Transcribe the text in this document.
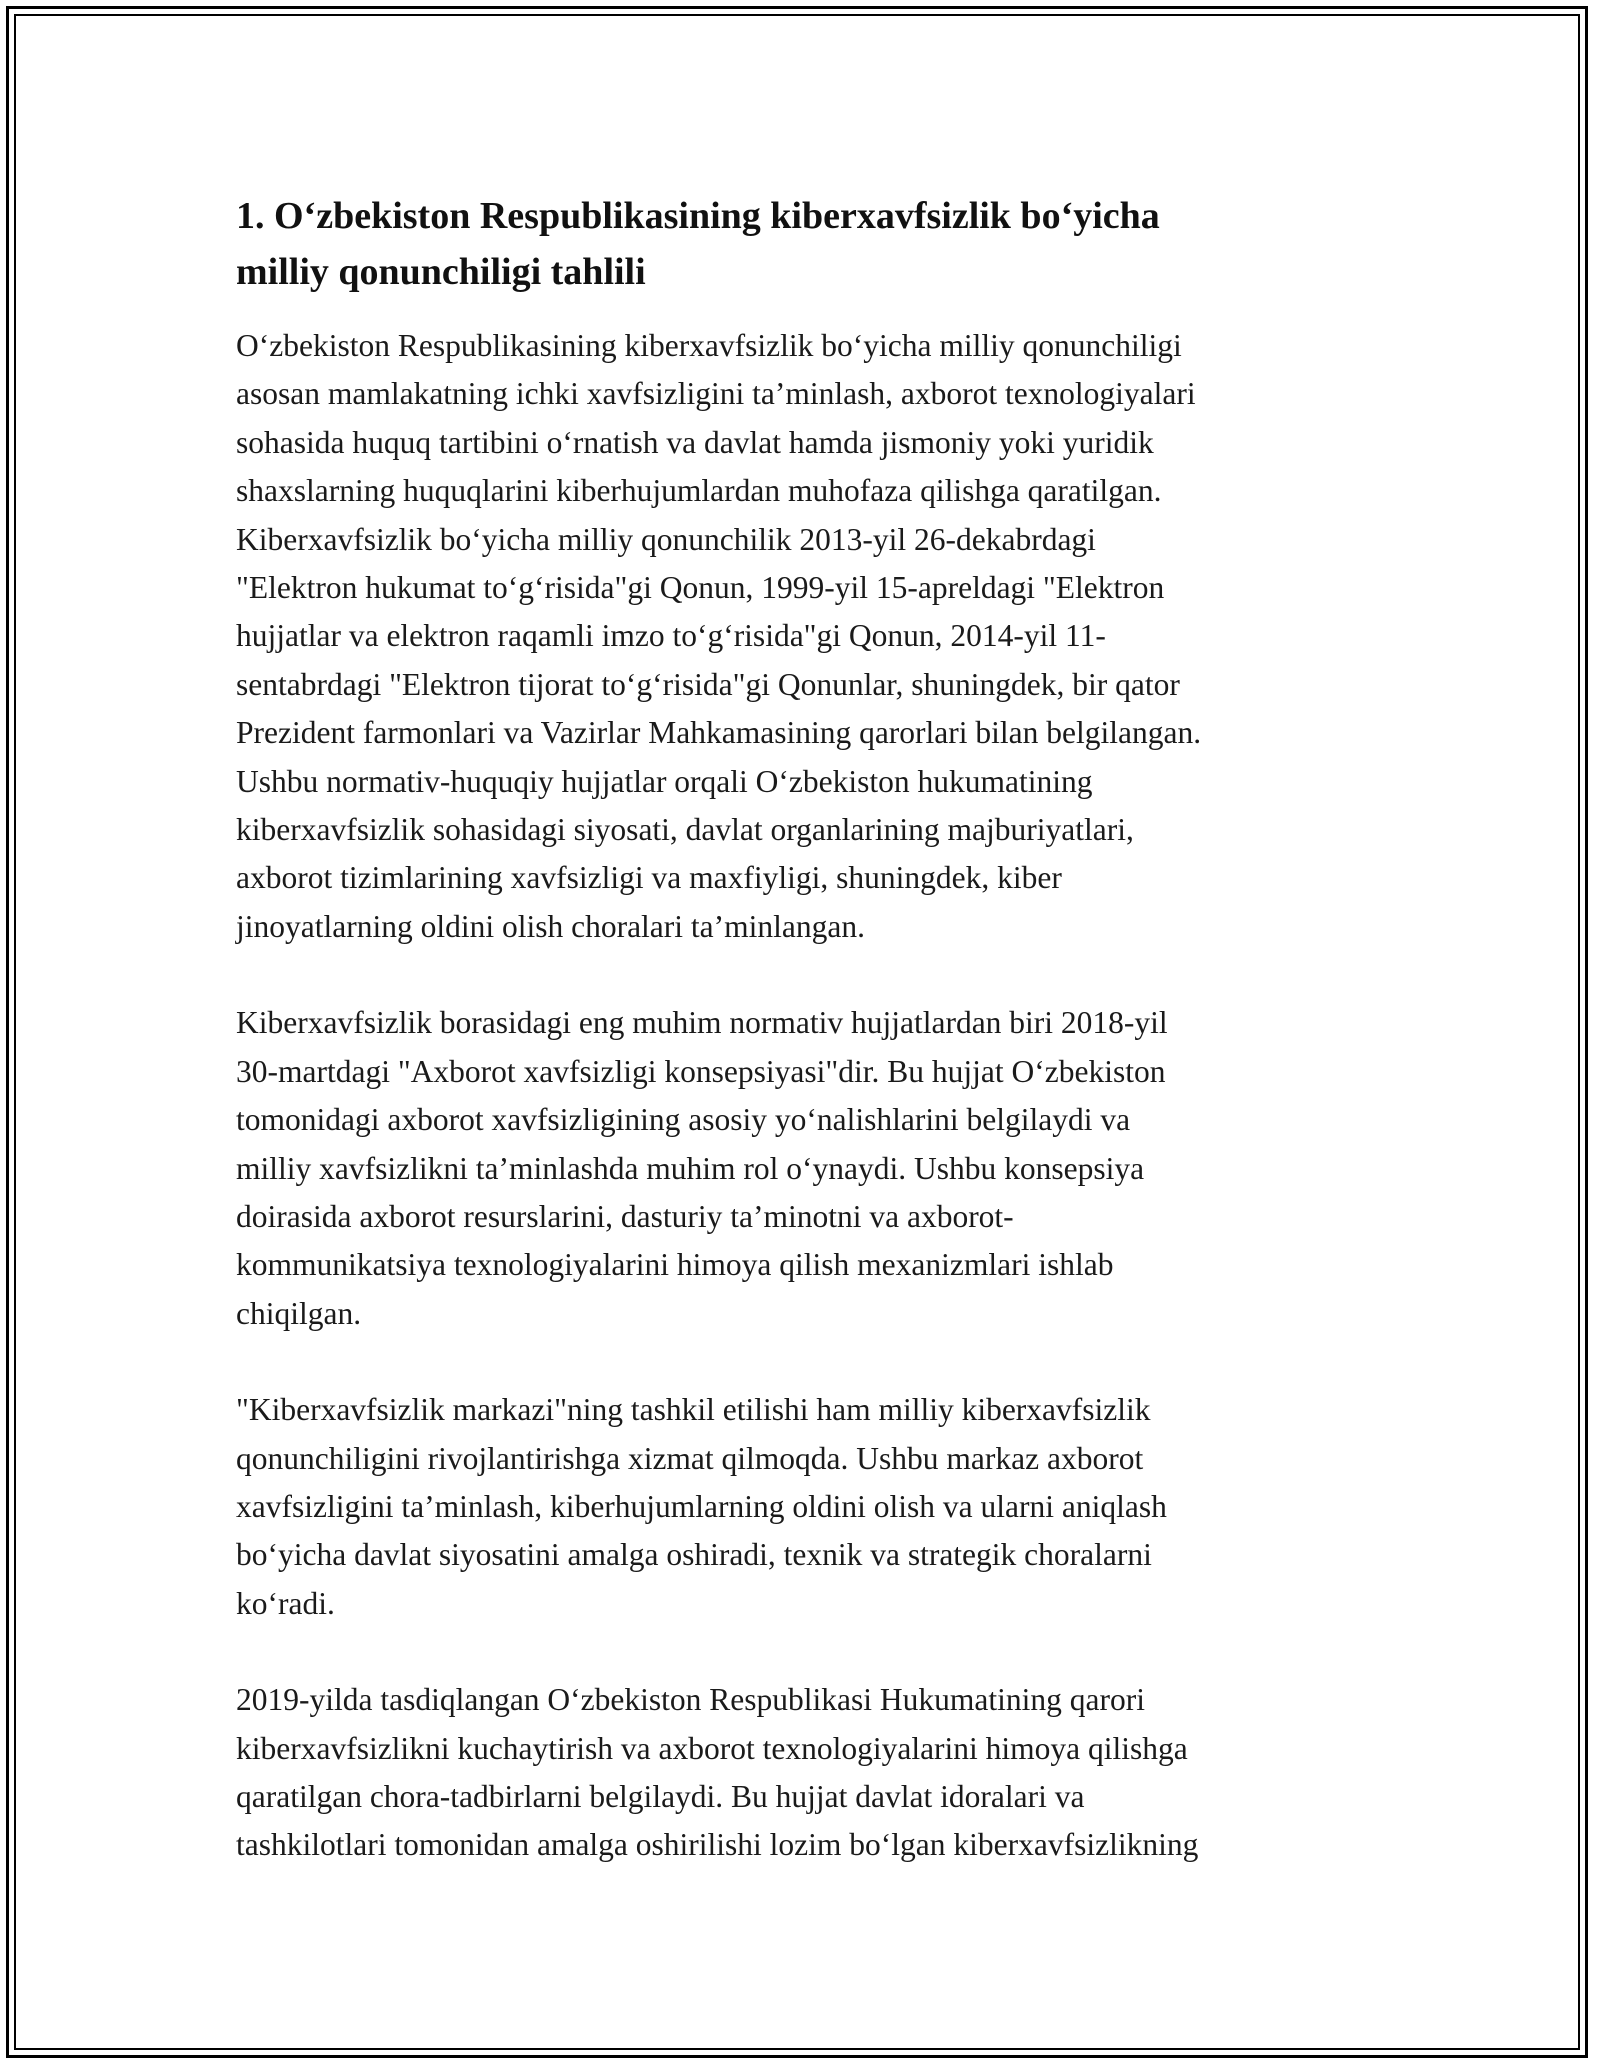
1. O‘zbekiston Respublikasining kiberxavfsizlik bo‘yicha
milliy qonunchiligi tahlili

O‘zbekiston Respublikasining kiberxavfsizlik bo‘yicha milliy qonunchiligi
asosan mamlakatning ichki xavfsizligini ta’minlash, axborot texnologiyalari
sohasida huquq tartibini o‘rnatish va davlat hamda jismoniy yoki yuridik
shaxslarning huquqlarini kiberhujumlardan muhofaza qilishga qaratilgan.
Kiberxavfsizlik bo‘yicha milliy qonunchilik 2013-yil 26-dekabrdagi
"Elektron hukumat to‘g‘risida"gi Qonun, 1999-yil 15-apreldagi "Elektron
hujjatlar va elektron raqamli imzo to‘g‘risida"gi Qonun, 2014-yil 11-
sentabrdagi "Elektron tijorat to‘g‘risida"gi Qonunlar, shuningdek, bir qator
Prezident farmonlari va Vazirlar Mahkamasining qarorlari bilan belgilangan.
Ushbu normativ-huquqiy hujjatlar orqali O‘zbekiston hukumatining
kiberxavfsizlik sohasidagi siyosati, davlat organlarining majburiyatlari,
axborot tizimlarining xavfsizligi va maxfiyligi, shuningdek, kiber
jinoyatlarning oldini olish choralari ta’minlangan.

Kiberxavfsizlik borasidagi eng muhim normativ hujjatlardan biri 2018-yil
30-martdagi "Axborot xavfsizligi konsepsiyasi"dir. Bu hujjat O‘zbekiston
tomonidagi axborot xavfsizligining asosiy yo‘nalishlarini belgilaydi va
milliy xavfsizlikni ta’minlashda muhim rol o‘ynaydi. Ushbu konsepsiya
doirasida axborot resurslarini, dasturiy ta’minotni va axborot-
kommunikatsiya texnologiyalarini himoya qilish mexanizmlari ishlab
chiqilgan.

"Kiberxavfsizlik markazi"ning tashkil etilishi ham milliy kiberxavfsizlik
qonunchiligini rivojlantirishga xizmat qilmoqda. Ushbu markaz axborot
xavfsizligini ta’minlash, kiberhujumlarning oldini olish va ularni aniqlash
bo‘yicha davlat siyosatini amalga oshiradi, texnik va strategik choralarni
ko‘radi.

2019-yilda tasdiqlangan O‘zbekiston Respublikasi Hukumatining qarori
kiberxavfsizlikni kuchaytirish va axborot texnologiyalarini himoya qilishga
qaratilgan chora-tadbirlarni belgilaydi. Bu hujjat davlat idoralari va
tashkilotlari tomonidan amalga oshirilishi lozim bo‘lgan kiberxavfsizlikning
